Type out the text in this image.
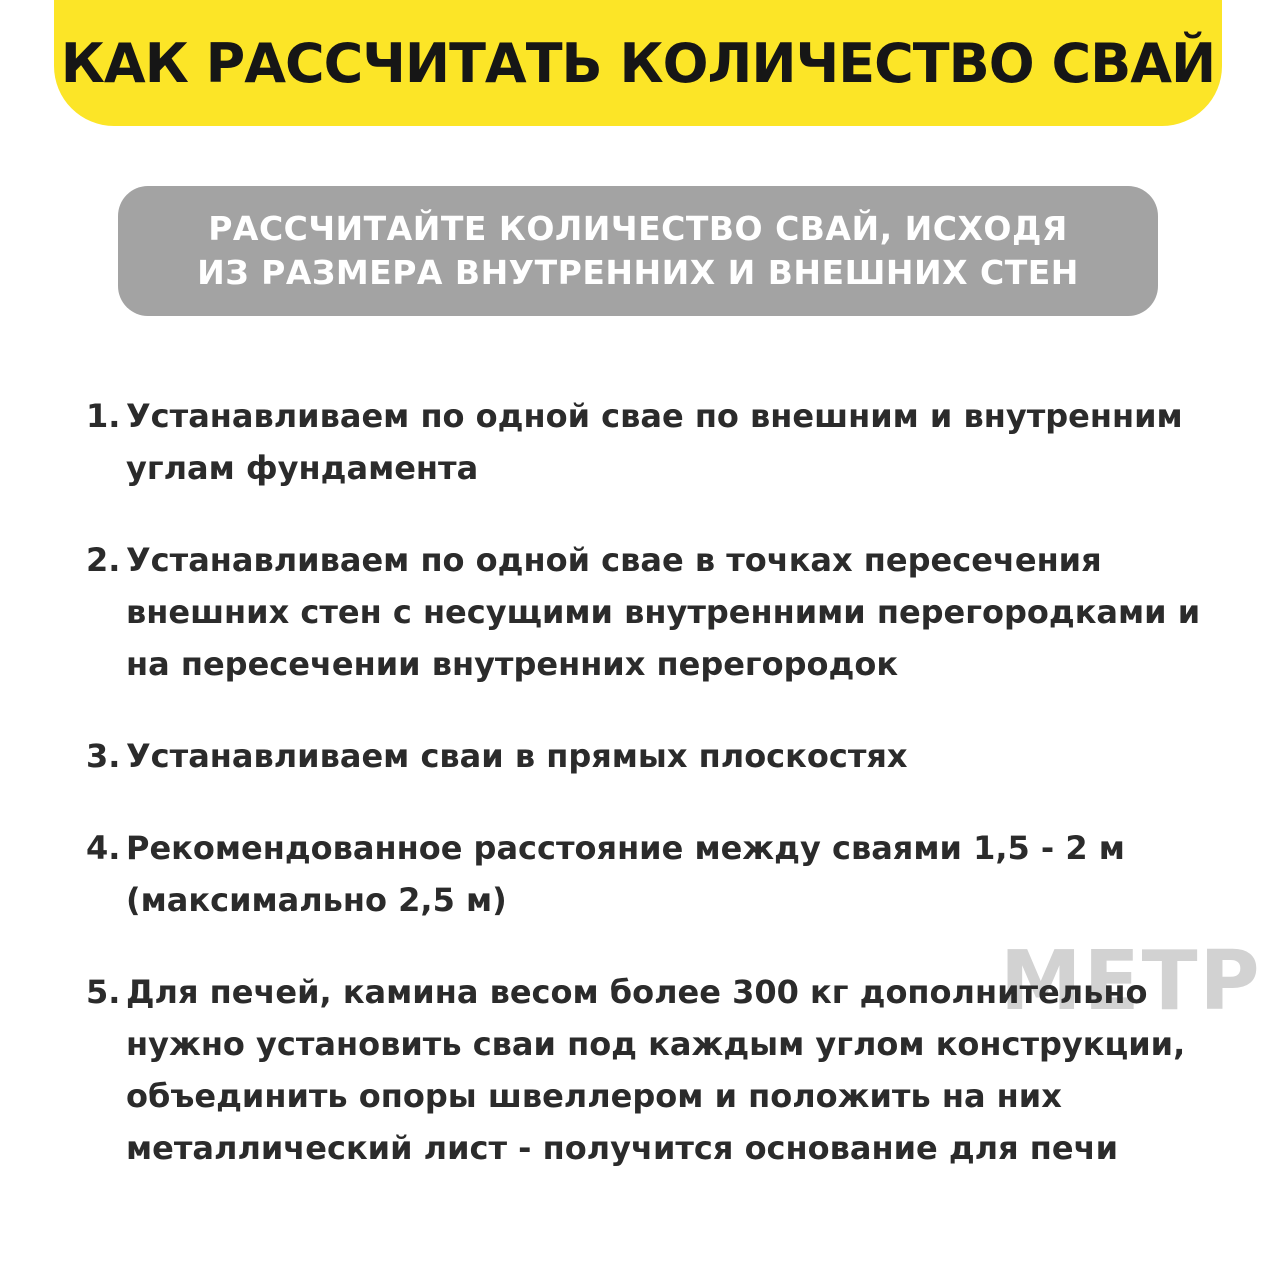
КАК РАССЧИТАТЬ КОЛИЧЕСТВО СВАЙ
РАССЧИТАЙТЕ КОЛИЧЕСТВО СВАЙ, ИСХОДЯ
ИЗ РАЗМЕРА ВНУТРЕННИХ И ВНЕШНИХ СТЕН
МЕТР
1. Устанавливаем по одной свае по внешним и внутренним
углам фундамента
2. Устанавливаем по одной свае в точках пересечения
внешних стен с несущими внутренними перегородками и
на пересечении внутренних перегородок
3. Устанавливаем сваи в прямых плоскостях
4. Рекомендованное расстояние между сваями 1,5 - 2 м
(максимально 2,5 м)
5. Для печей, камина весом более 300 кг дополнительно
нужно установить сваи под каждым углом конструкции,
объединить опоры швеллером и положить на них
металлический лист - получится основание для печи
